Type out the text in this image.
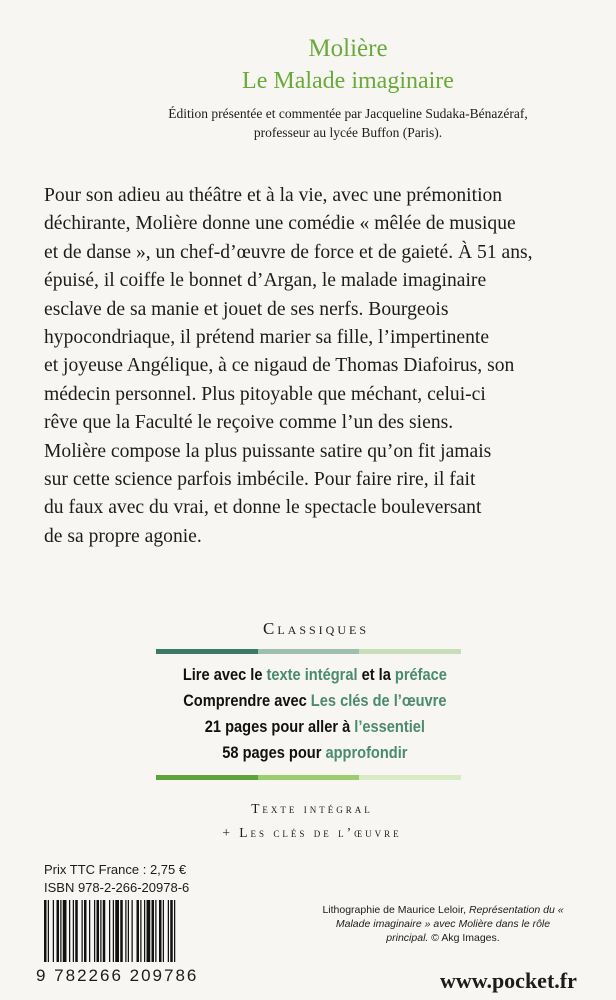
Molière
Le Malade imaginaire
Édition présentée et commentée par Jacqueline Sudaka-Bénazéraf,
professeur au lycée Buffon (Paris).
Pour son adieu au théâtre et à la vie, avec une prémonition
déchirante, Molière donne une comédie « mêlée de musique
et de danse », un chef-d’œuvre de force et de gaieté. À 51 ans,
épuisé, il coiffe le bonnet d’Argan, le malade imaginaire
esclave de sa manie et jouet de ses nerfs. Bourgeois
hypocondriaque, il prétend marier sa fille, l’impertinente
et joyeuse Angélique, à ce nigaud de Thomas Diafoirus, son
médecin personnel. Plus pitoyable que méchant, celui-ci
rêve que la Faculté le reçoive comme l’un des siens.
Molière compose la plus puissante satire qu’on fit jamais
sur cette science parfois imbécile. Pour faire rire, il fait
du faux avec du vrai, et donne le spectacle bouleversant
de sa propre agonie.
Classiques
Lire avec le texte intégral et la préface
Comprendre avec Les clés de l’œuvre
21 pages pour aller à l’essentiel
58 pages pour approfondir
Texte intégral
+ Les clés de l’œuvre
Prix TTC France : 2,75 €
ISBN 978-2-266-20978-6
9 782266 209786
Lithographie de Maurice Leloir, Représentation du « Malade imaginaire » avec Molière dans le rôle principal. © Akg Images.
www.pocket.fr
